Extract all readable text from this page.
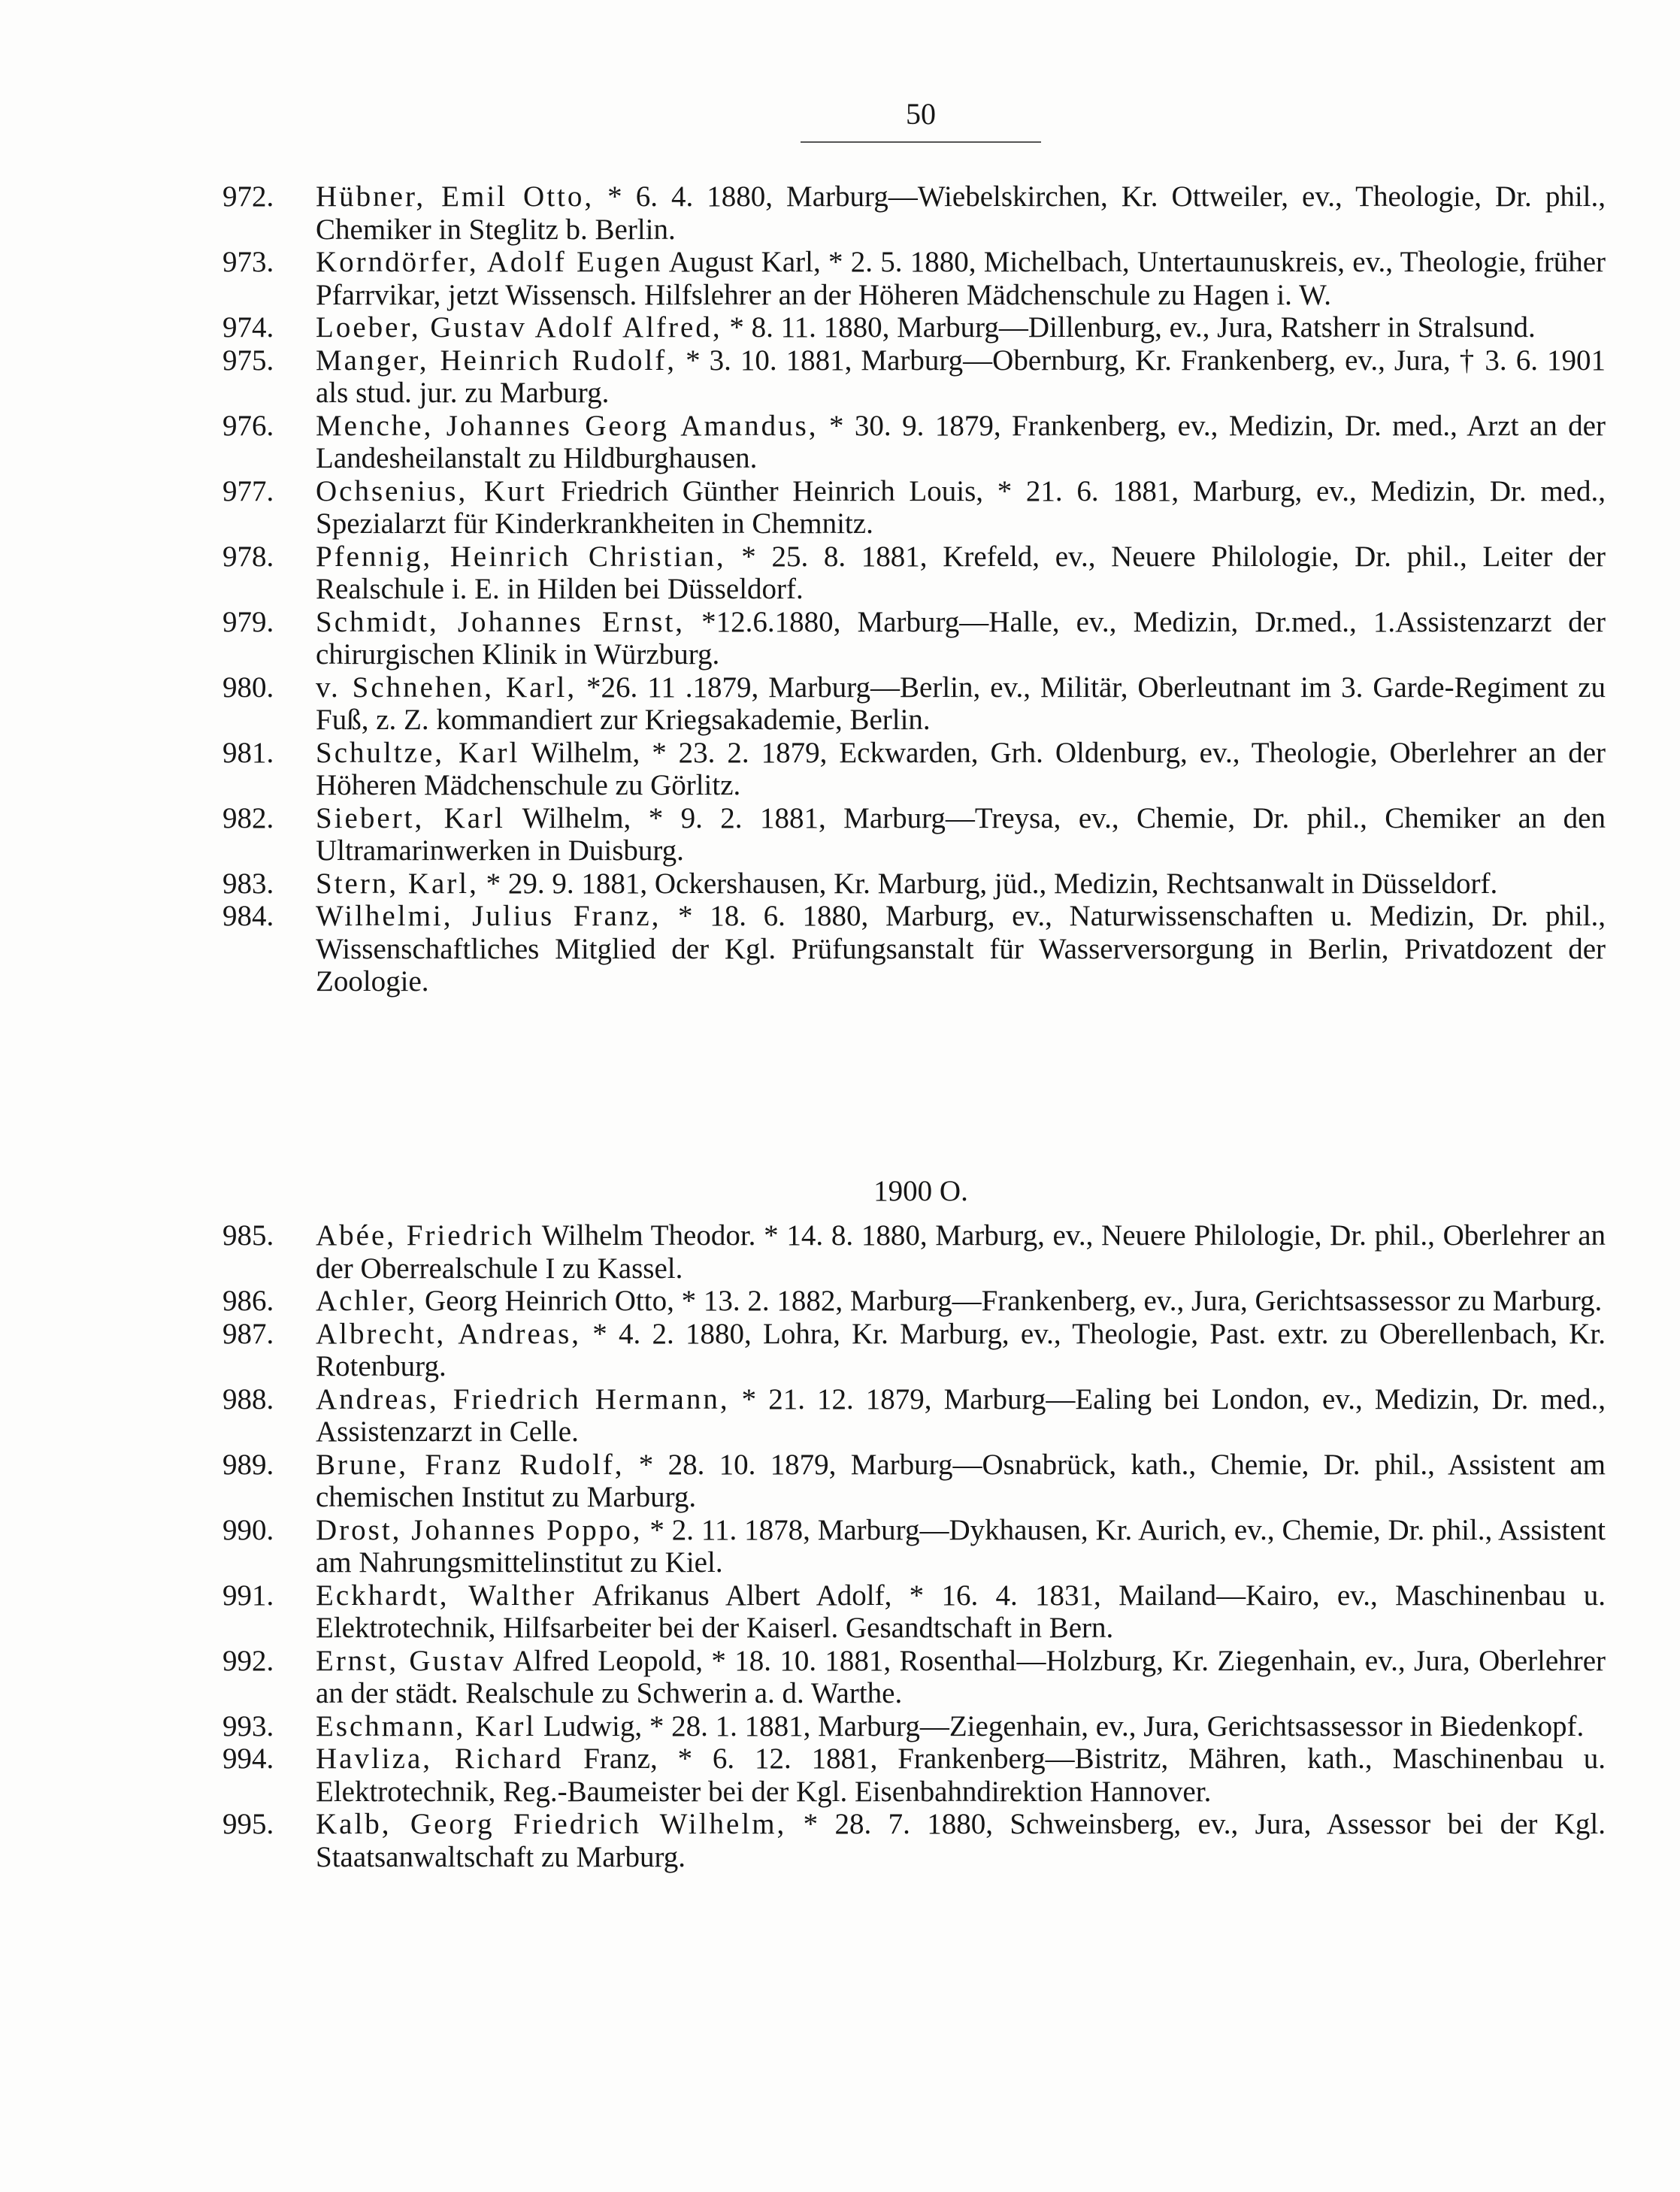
50
972.	Hübner, Emil Otto, * 6. 4. 1880, Marburg—Wiebelskirchen, Kr. Ottweiler, ev., Theologie, Dr. phil., Chemiker in Steglitz b. Berlin.
973.	Korndörfer, Adolf Eugen August Karl, * 2. 5. 1880, Michelbach, Untertaunuskreis, ev., Theologie, früher Pfarrvikar, jetzt Wissensch. Hilfslehrer an der Höheren Mädchenschule zu Hagen i. W.
974.	Loeber, Gustav Adolf Alfred, * 8. 11. 1880, Marburg—Dillenburg, ev., Jura, Ratsherr in Stralsund.
975.	Manger, Heinrich Rudolf, * 3. 10. 1881, Marburg—Obernburg, Kr. Frankenberg, ev., Jura, † 3. 6. 1901 als stud. jur. zu Marburg.
976.	Menche, Johannes Georg Amandus, * 30. 9. 1879, Frankenberg, ev., Medizin, Dr. med., Arzt an der Landesheilanstalt zu Hildburghausen.
977.	Ochsenius, Kurt Friedrich Günther Heinrich Louis, * 21. 6. 1881, Marburg, ev., Medizin, Dr. med., Spezialarzt für Kinderkrankheiten in Chemnitz.
978.	Pfennig, Heinrich Christian, * 25. 8. 1881, Krefeld, ev., Neuere Philologie, Dr. phil., Leiter der Realschule i. E. in Hilden bei Düsseldorf.
979.	Schmidt, Johannes Ernst, *12.6.1880, Marburg—Halle, ev., Medizin, Dr.med., 1.Assistenzarzt der chirurgischen Klinik in Würzburg.
980.	v. Schnehen, Karl, *26. 11 .1879, Marburg—Berlin, ev., Militär, Oberleutnant im 3. Garde-Regiment zu Fuß, z. Z. kommandiert zur Kriegsakademie, Berlin.
981.	Schultze, Karl Wilhelm, * 23. 2. 1879, Eckwarden, Grh. Oldenburg, ev., Theologie, Oberlehrer an der Höheren Mädchenschule zu Görlitz.
982.	Siebert, Karl Wilhelm, * 9. 2. 1881, Marburg—Treysa, ev., Chemie, Dr. phil., Chemiker an den Ultramarinwerken in Duisburg.
983.	Stern, Karl, * 29. 9. 1881, Ockershausen, Kr. Marburg, jüd., Medizin, Rechtsanwalt in Düsseldorf.
984.	Wilhelmi, Julius Franz, * 18. 6. 1880, Marburg, ev., Naturwissenschaften u. Medizin, Dr. phil., Wissenschaftliches Mitglied der Kgl. Prüfungsanstalt für Wasserversorgung in Berlin, Privatdozent der Zoologie.
1900 O.
985.	Abée, Friedrich Wilhelm Theodor. * 14. 8. 1880, Marburg, ev., Neuere Philologie, Dr. phil., Oberlehrer an der Oberrealschule I zu Kassel.
986.	Achler, Georg Heinrich Otto, * 13. 2. 1882, Marburg—Frankenberg, ev., Jura, Gerichtsassessor zu Marburg.
987.	Albrecht, Andreas, * 4. 2. 1880, Lohra, Kr. Marburg, ev., Theologie, Past. extr. zu Oberellenbach, Kr. Rotenburg.
988.	Andreas, Friedrich Hermann, * 21. 12. 1879, Marburg—Ealing bei London, ev., Medizin, Dr. med., Assistenzarzt in Celle.
989.	Brune, Franz Rudolf, * 28. 10. 1879, Marburg—Osnabrück, kath., Chemie, Dr. phil., Assistent am chemischen Institut zu Marburg.
990.	Drost, Johannes Poppo, * 2. 11. 1878, Marburg—Dykhausen, Kr. Aurich, ev., Chemie, Dr. phil., Assistent am Nahrungsmittelinstitut zu Kiel.
991.	Eckhardt, Walther Afrikanus Albert Adolf, * 16. 4. 1831, Mailand—Kairo, ev., Maschinenbau u. Elektrotechnik, Hilfsarbeiter bei der Kaiserl. Gesandtschaft in Bern.
992.	Ernst, Gustav Alfred Leopold, * 18. 10. 1881, Rosenthal—Holzburg, Kr. Ziegenhain, ev., Jura, Oberlehrer an der städt. Realschule zu Schwerin a. d. Warthe.
993.	Eschmann, Karl Ludwig, * 28. 1. 1881, Marburg—Ziegenhain, ev., Jura, Gerichtsassessor in Biedenkopf.
994.	Havliza, Richard Franz, * 6. 12. 1881, Frankenberg—Bistritz, Mähren, kath., Maschinenbau u. Elektrotechnik, Reg.-Baumeister bei der Kgl. Eisenbahndirektion Hannover.
995.	Kalb, Georg Friedrich Wilhelm, * 28. 7. 1880, Schweinsberg, ev., Jura, Assessor bei der Kgl. Staatsanwaltschaft zu Marburg.
